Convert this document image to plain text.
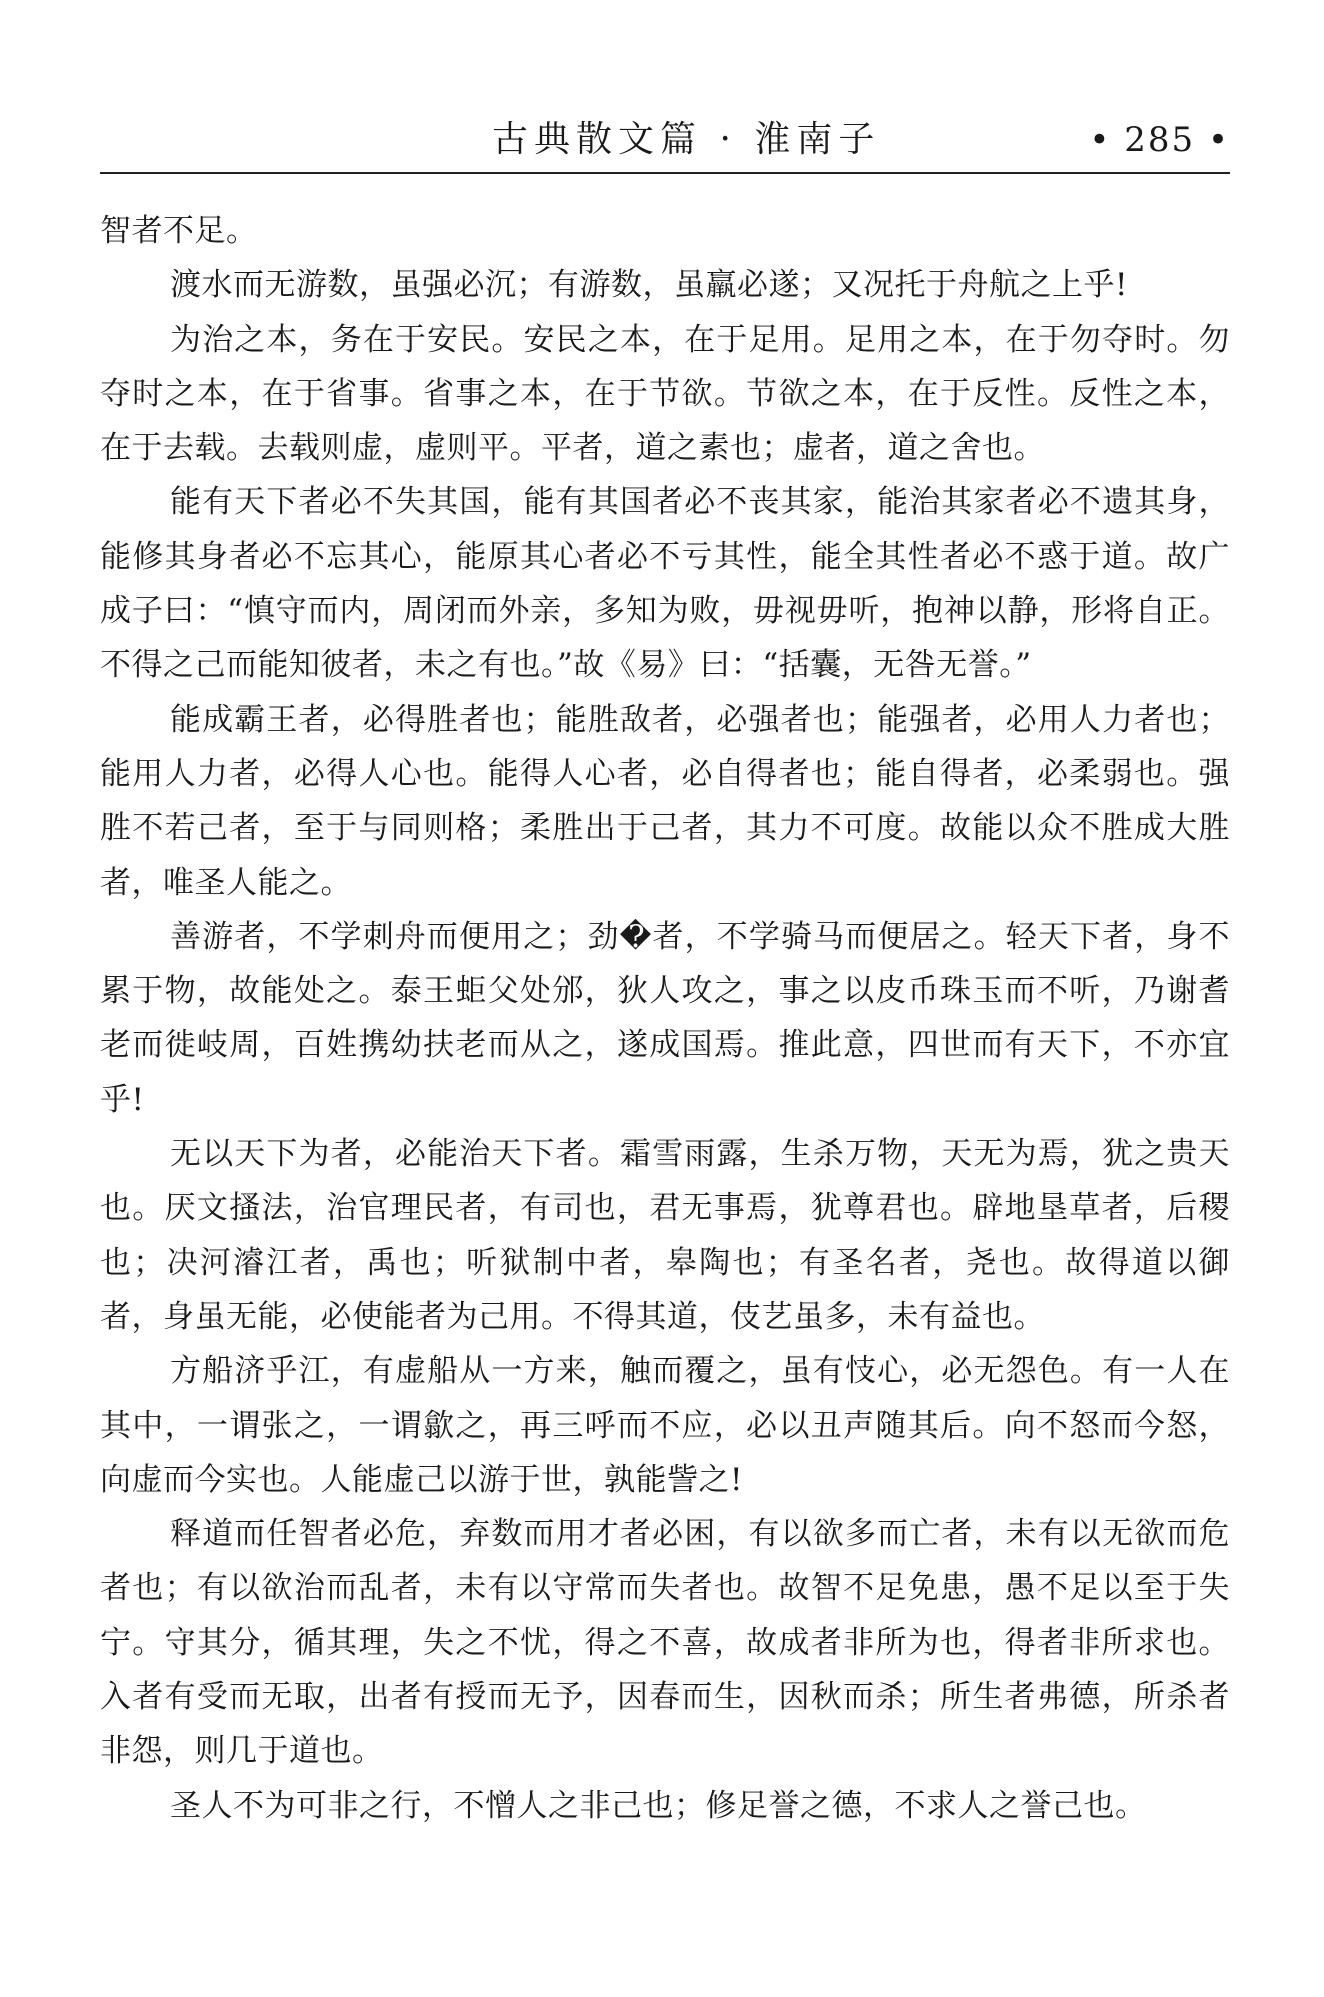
古典散文篇 · 淮南子	• 285 •

智者不足。

渡水而无游数，虽强必沉；有游数，虽羸必遂；又况托于舟航之上乎!

为治之本，务在于安民。安民之本，在于足用。足用之本，在于勿夺时。勿夺时之本，在于省事。省事之本，在于节欲。节欲之本，在于反性。反性之本，在于去载。去载则虚，虚则平。平者，道之素也；虚者，道之舍也。

能有天下者必不失其国，能有其国者必不丧其家，能治其家者必不遗其身，能修其身者必不忘其心，能原其心者必不亏其性，能全其性者必不惑于道。故广成子曰：“慎守而内，周闭而外亲，多知为败，毋视毋听，抱神以静，形将自正。不得之己而能知彼者，未之有也。”故《易》曰：“括囊，无咎无誉。”

能成霸王者，必得胜者也；能胜敌者，必强者也；能强者，必用人力者也；能用人力者，必得人心也。能得人心者，必自得者也；能自得者，必柔弱也。强胜不若己者，至于与同则格；柔胜出于己者，其力不可度。故能以众不胜成大胜者，唯圣人能之。

善游者，不学刺舟而便用之；劲�者，不学骑马而便居之。轻天下者，身不累于物，故能处之。泰王蚷父处邠，狄人攻之，事之以皮币珠玉而不听，乃谢耆老而徙岐周，百姓携幼扶老而从之，遂成国焉。推此意，四世而有天下，不亦宜乎!

无以天下为者，必能治天下者。霜雪雨露，生杀万物，天无为焉，犹之贵天也。厌文搔法，治官理民者，有司也，君无事焉，犹尊君也。辟地垦草者，后稷也；决河濬江者，禹也；听狱制中者，皋陶也；有圣名者，尧也。故得道以御者，身虽无能，必使能者为己用。不得其道，伎艺虽多，未有益也。

方船济乎江，有虚船从一方来，触而覆之，虽有忮心，必无怨色。有一人在其中，一谓张之，一谓歙之，再三呼而不应，必以丑声随其后。向不怒而今怒，向虚而今实也。人能虚己以游于世，孰能訾之!

释道而任智者必危，弃数而用才者必困，有以欲多而亡者，未有以无欲而危者也；有以欲治而乱者，未有以守常而失者也。故智不足免患，愚不足以至于失宁。守其分，循其理，失之不忧，得之不喜，故成者非所为也，得者非所求也。入者有受而无取，出者有授而无予，因春而生，因秋而杀；所生者弗德，所杀者非怨，则几于道也。

圣人不为可非之行，不憎人之非己也；修足誉之德，不求人之誉己也。
